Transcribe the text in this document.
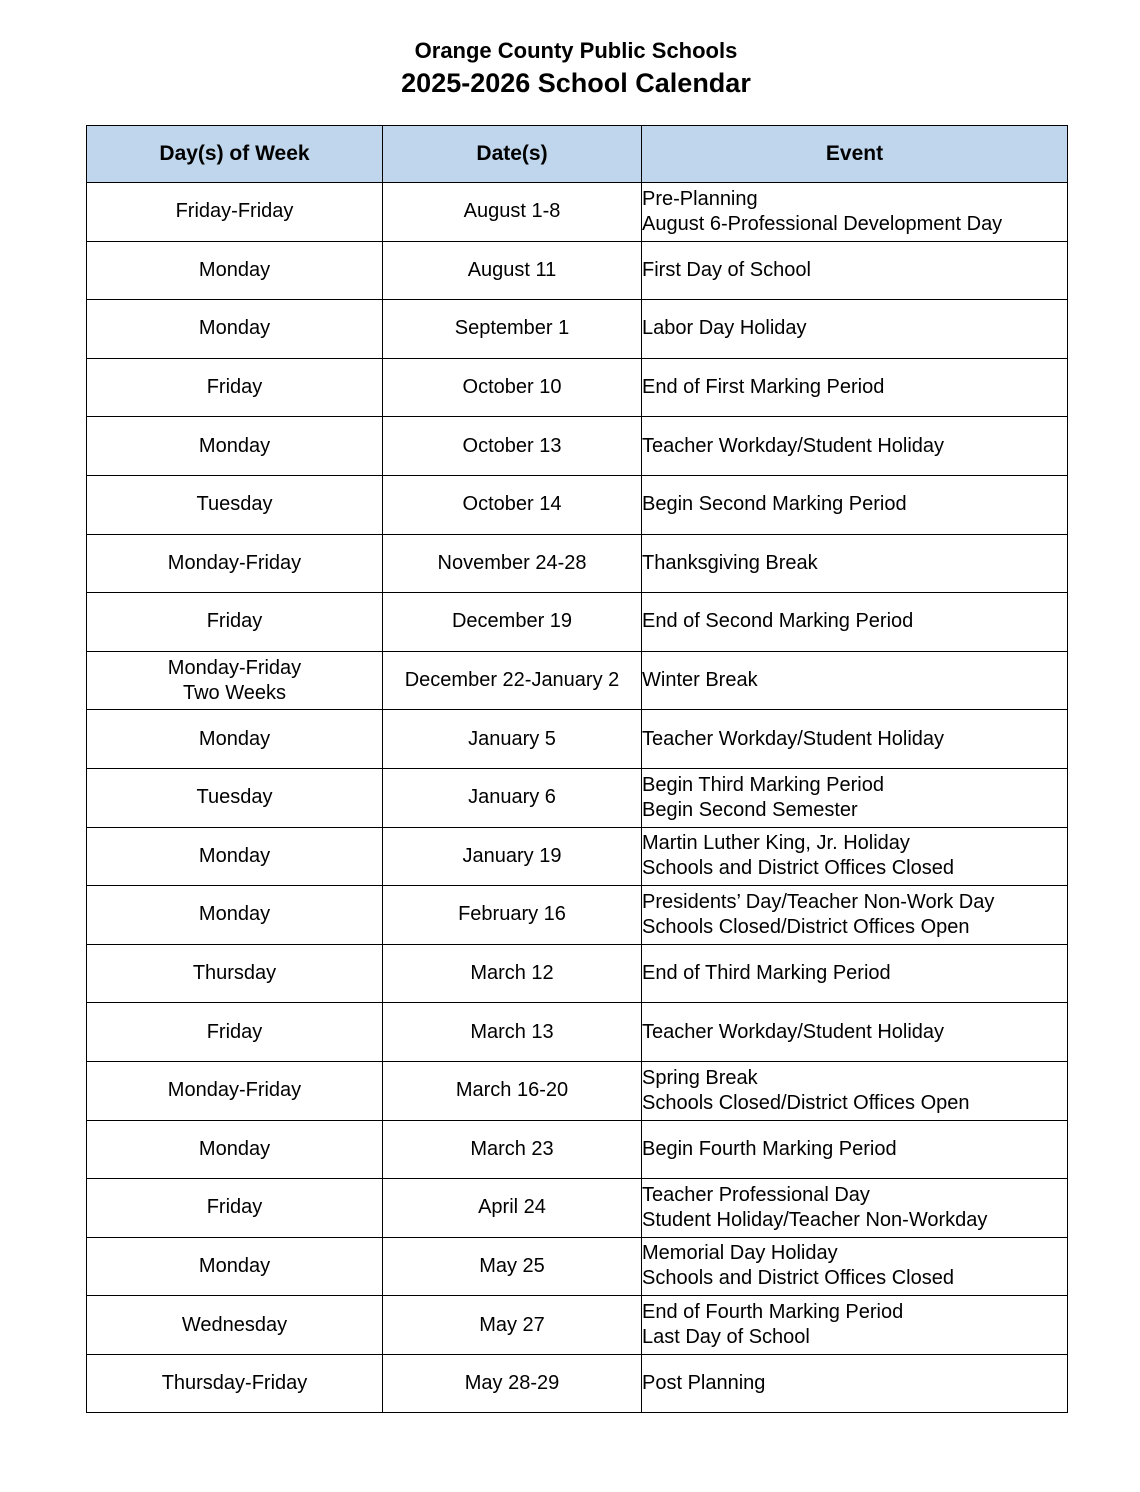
Orange County Public Schools
2025-2026 School Calendar
Day(s) of Week	Date(s)	Event

Friday-Friday	August 1-8	Pre-Planning
August 6-Professional Development Day

Monday	August 11	First Day of School

Monday	September 1	Labor Day Holiday

Friday	October 10	End of First Marking Period

Monday	October 13	Teacher Workday/Student Holiday

Tuesday	October 14	Begin Second Marking Period

Monday-Friday	November 24-28	Thanksgiving Break

Friday	December 19	End of Second Marking Period

Monday-Friday
Two Weeks	December 22-January 2	Winter Break

Monday	January 5	Teacher Workday/Student Holiday

Tuesday	January 6	Begin Third Marking Period
Begin Second Semester

Monday	January 19	Martin Luther King, Jr. Holiday
Schools and District Offices Closed

Monday	February 16	Presidents’ Day/Teacher Non-Work Day
Schools Closed/District Offices Open

Thursday	March 12	End of Third Marking Period

Friday	March 13	Teacher Workday/Student Holiday

Monday-Friday	March 16-20	Spring Break
Schools Closed/District Offices Open

Monday	March 23	Begin Fourth Marking Period

Friday	April 24	Teacher Professional Day
Student Holiday/Teacher Non-Workday

Monday	May 25	Memorial Day Holiday
Schools and District Offices Closed

Wednesday	May 27	End of Fourth Marking Period
Last Day of School

Thursday-Friday	May 28-29	Post Planning
